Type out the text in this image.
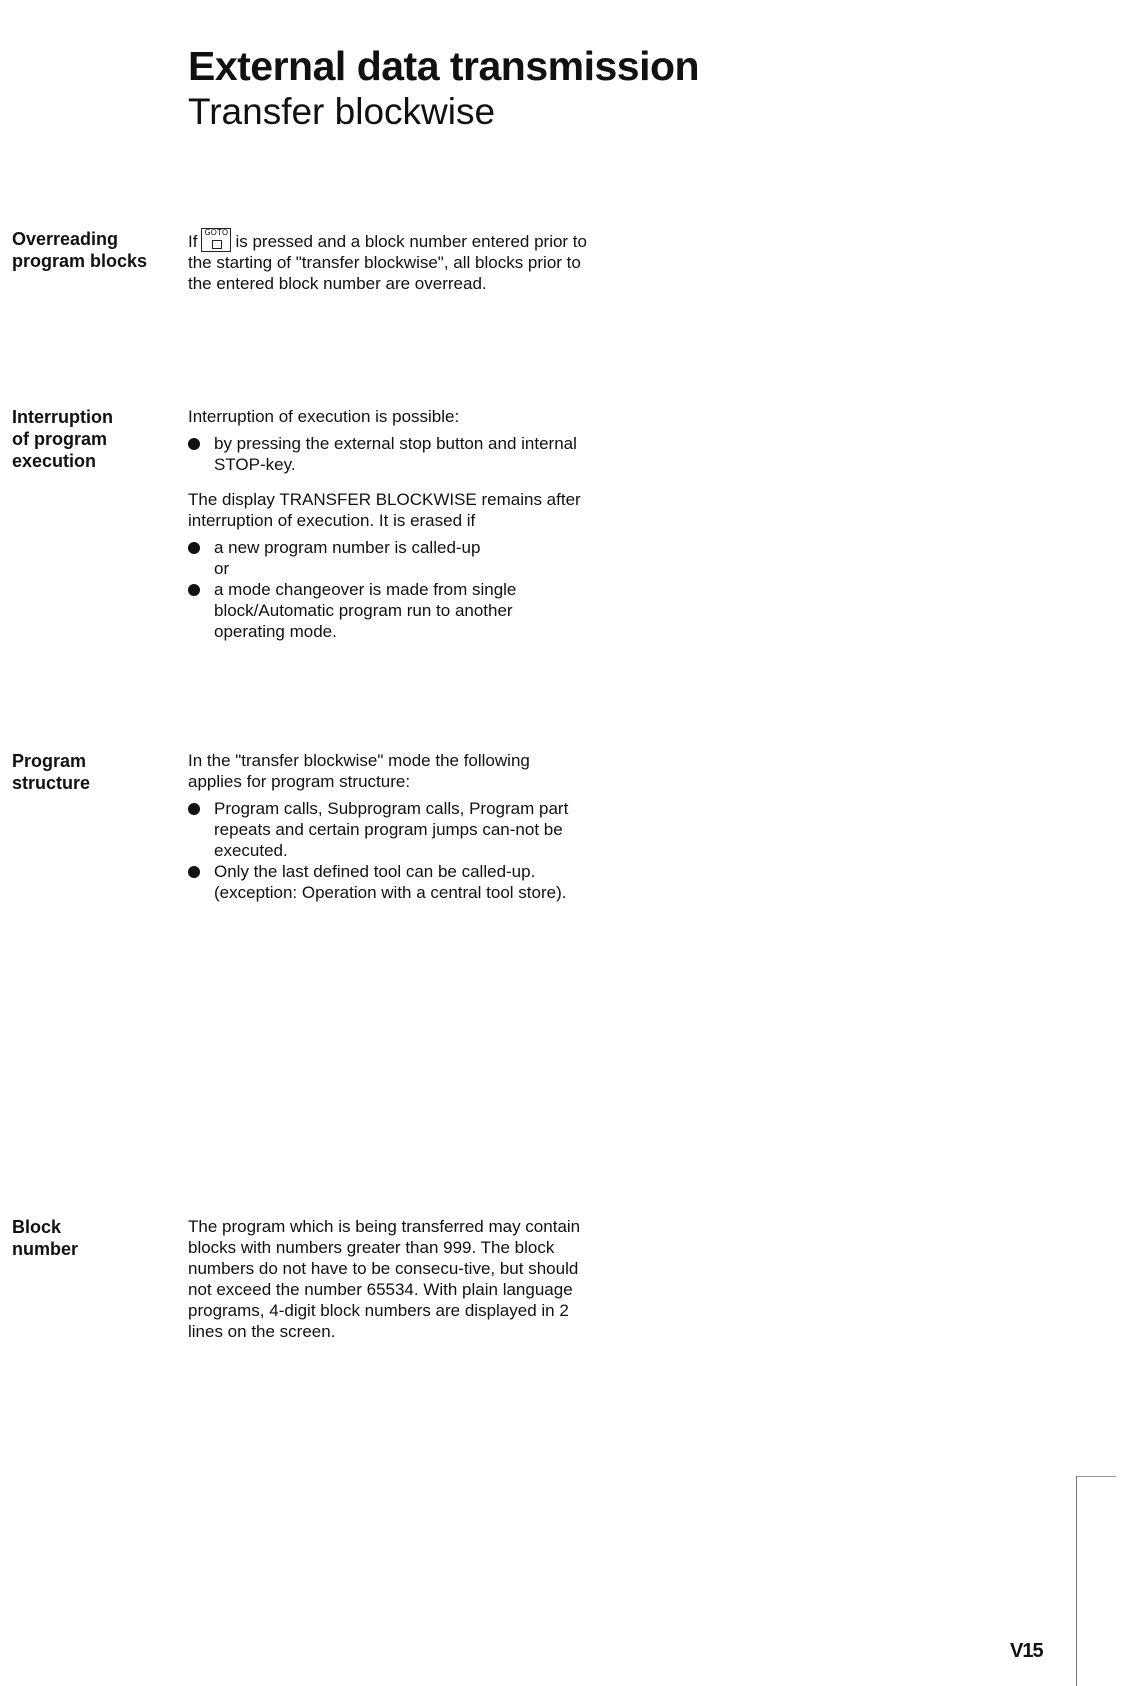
External data transmission
Transfer blockwise
Overreading
program blocks

If GOTO is pressed and a block number entered prior to the starting of "transfer blockwise", all blocks prior to the entered block number are overread.

Interruption
of program
execution

Interruption of execution is possible:

by pressing the external stop button and internal STOP-key.

The display TRANSFER BLOCKWISE remains after interruption of execution. It is erased if

a new program number is called-up
or
a mode changeover is made from single block/Automatic program run to another operating mode.
Program
structure

In the "transfer blockwise" mode the following applies for program structure:

Program calls, Subprogram calls, Program part repeats and certain program jumps can-not be executed.
Only the last defined tool can be called-up. (exception: Operation with a central tool store).
Block
number

The program which is being transferred may contain blocks with numbers greater than 999. The block numbers do not have to be consecu-tive, but should not exceed the number 65534. With plain language programs, 4-digit block numbers are displayed in 2 lines on the screen.

V15
